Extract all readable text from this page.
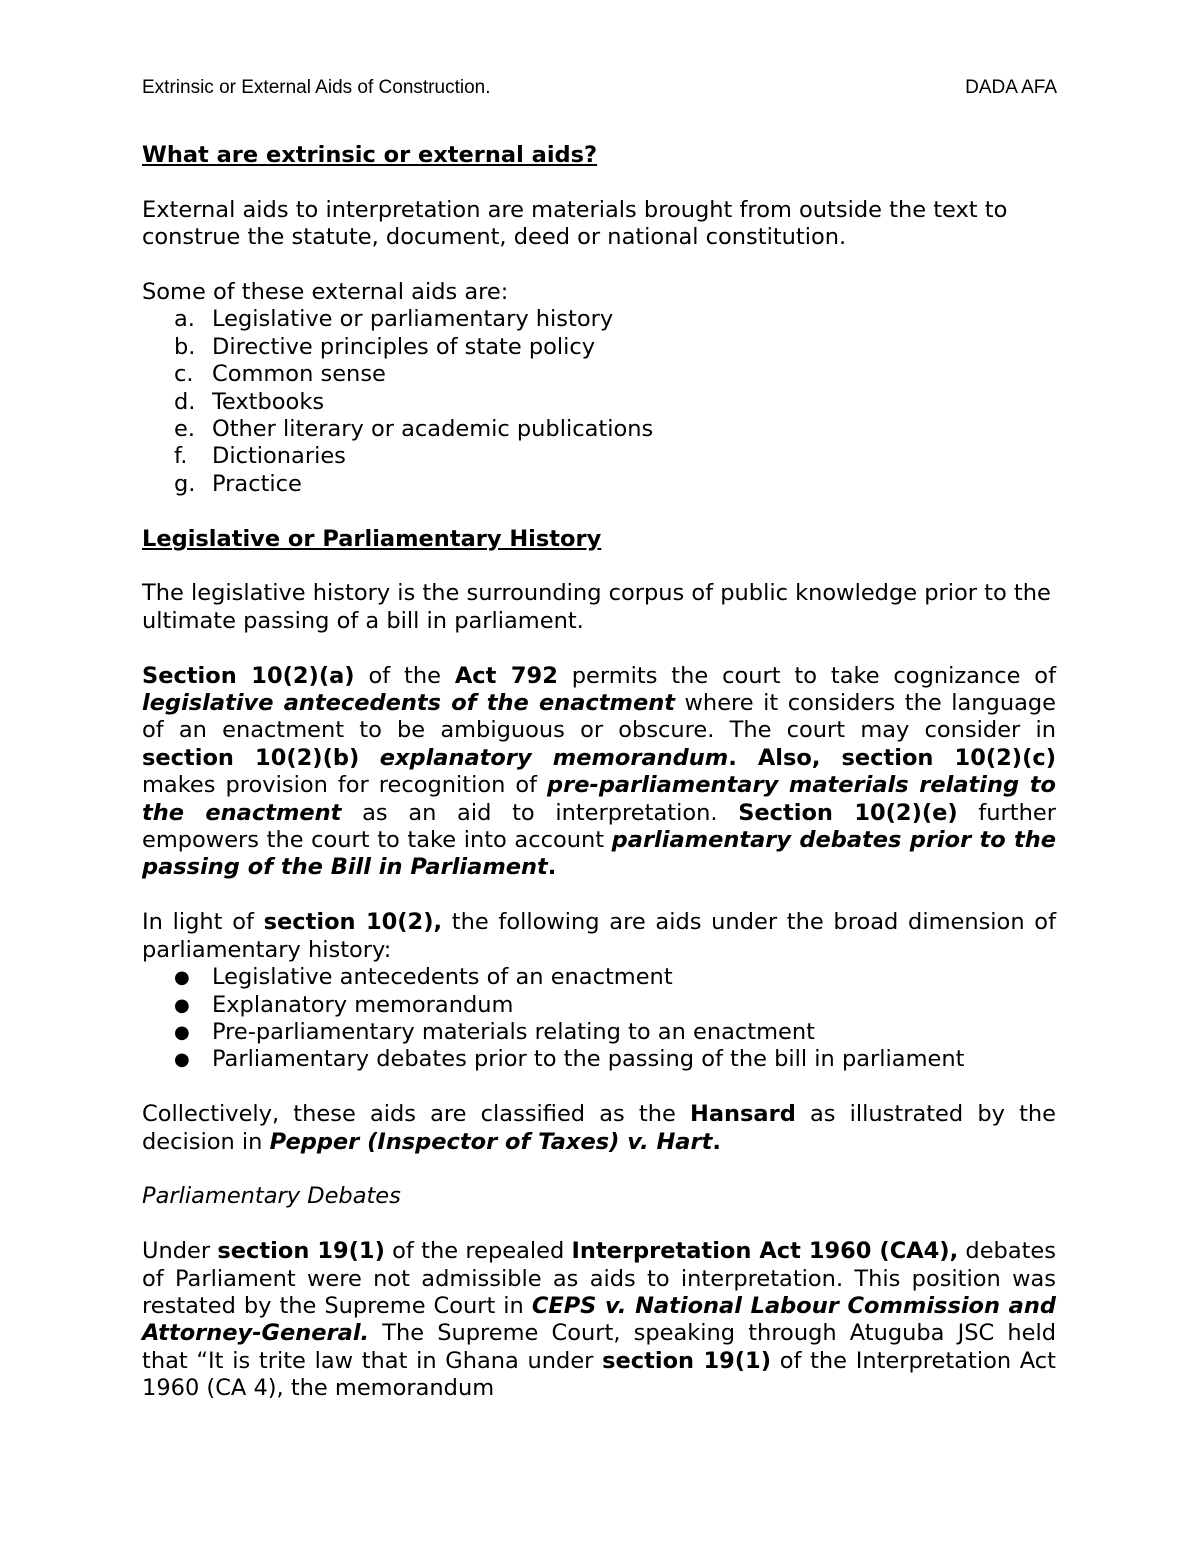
Extrinsic or External Aids of Construction.	DADA AFA

What are extrinsic or external aids?

External aids to interpretation are materials brought from outside the text to construe the statute, document, deed or national constitution.

Some of these external aids are:

a. Legislative or parliamentary history
b. Directive principles of state policy
c. Common sense
d. Textbooks
e. Other literary or academic publications
f. Dictionaries
g. Practice

Legislative or Parliamentary History

The legislative history is the surrounding corpus of public knowledge prior to the ultimate passing of a bill in parliament.

Section 10(2)(a) of the Act 792 permits the court to take cognizance of legislative antecedents of the enactment where it considers the language of an enactment to be ambiguous or obscure. The court may consider in section 10(2)(b) explanatory memorandum. Also, section 10(2)(c) makes provision for recognition of pre-parliamentary materials relating to the enactment as an aid to interpretation. Section 10(2)(e) further empowers the court to take into account parliamentary debates prior to the passing of the Bill in Parliament.

In light of section 10(2), the following are aids under the broad dimension of parliamentary history:

● Legislative antecedents of an enactment
● Explanatory memorandum
● Pre-parliamentary materials relating to an enactment
● Parliamentary debates prior to the passing of the bill in parliament

Collectively, these aids are classified as the Hansard as illustrated by the decision in Pepper (Inspector of Taxes) v. Hart.

Parliamentary Debates

Under section 19(1) of the repealed Interpretation Act 1960 (CA4), debates of Parliament were not admissible as aids to interpretation. This position was restated by the Supreme Court in CEPS v. National Labour Commission and Attorney-General. The Supreme Court, speaking through Atuguba JSC held that “It is trite law that in Ghana under section 19(1) of the Interpretation Act 1960 (CA 4), the memorandum
